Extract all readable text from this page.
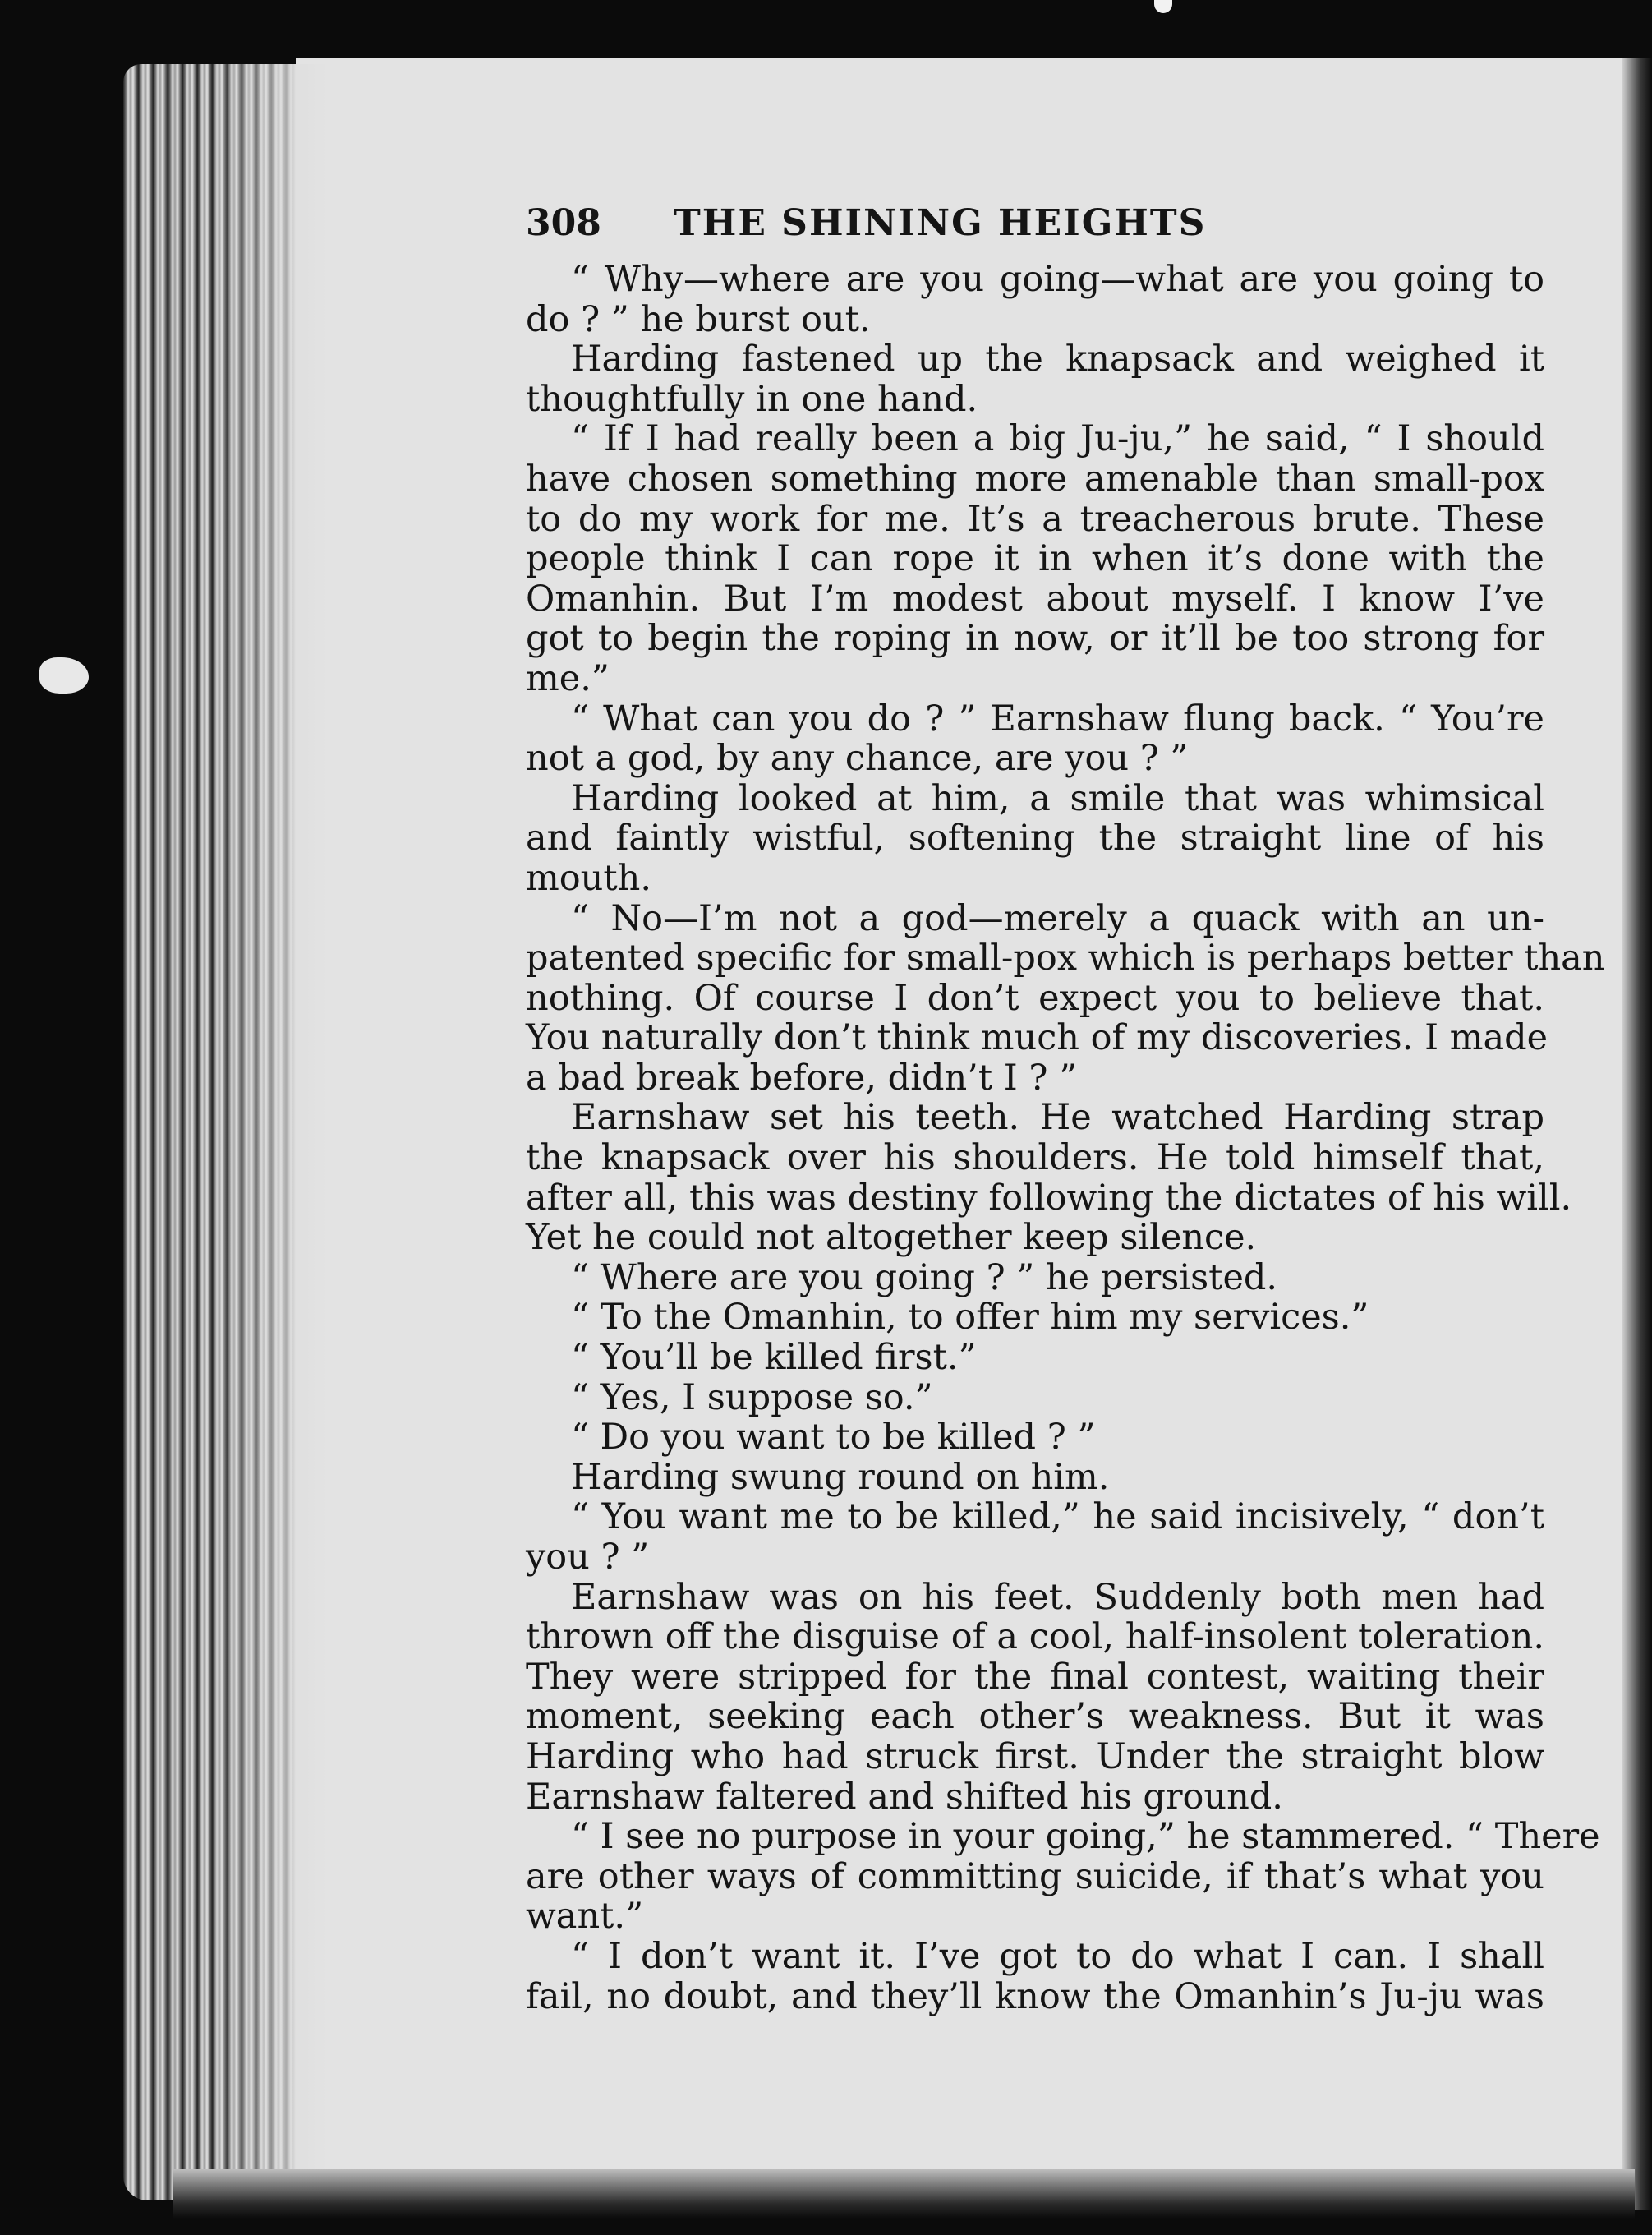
308	THE SHINING HEIGHTS
“ Why—where are you going—what are you going to
do ? ” he burst out.
Harding fastened up the knapsack and weighed it
thoughtfully in one hand.
“ If I had really been a big Ju-ju,” he said, “ I should
have chosen something more amenable than small-pox
to do my work for me. It’s a treacherous brute. These
people think I can rope it in when it’s done with the
Omanhin. But I’m modest about myself. I know I’ve
got to begin the roping in now, or it’ll be too strong for
me.”
“ What can you do ? ” Earnshaw flung back. “ You’re
not a god, by any chance, are you ? ”
Harding looked at him, a smile that was whimsical
and faintly wistful, softening the straight line of his
mouth.
“ No—I’m not a god—merely a quack with an un-
patented specific for small-pox which is perhaps better than
nothing. Of course I don’t expect you to believe that.
You naturally don’t think much of my discoveries. I made
a bad break before, didn’t I ? ”
Earnshaw set his teeth. He watched Harding strap
the knapsack over his shoulders. He told himself that,
after all, this was destiny following the dictates of his will.
Yet he could not altogether keep silence.
“ Where are you going ? ” he persisted.
“ To the Omanhin, to offer him my services.”
“ You’ll be killed first.”
“ Yes, I suppose so.”
“ Do you want to be killed ? ”
Harding swung round on him.
“ You want me to be killed,” he said incisively, “ don’t
you ? ”
Earnshaw was on his feet. Suddenly both men had
thrown off the disguise of a cool, half-insolent toleration.
They were stripped for the final contest, waiting their
moment, seeking each other’s weakness. But it was
Harding who had struck first. Under the straight blow
Earnshaw faltered and shifted his ground.
“ I see no purpose in your going,” he stammered. “ There
are other ways of committing suicide, if that’s what you
want.”
“ I don’t want it. I’ve got to do what I can. I shall
fail, no doubt, and they’ll know the Omanhin’s Ju-ju was
